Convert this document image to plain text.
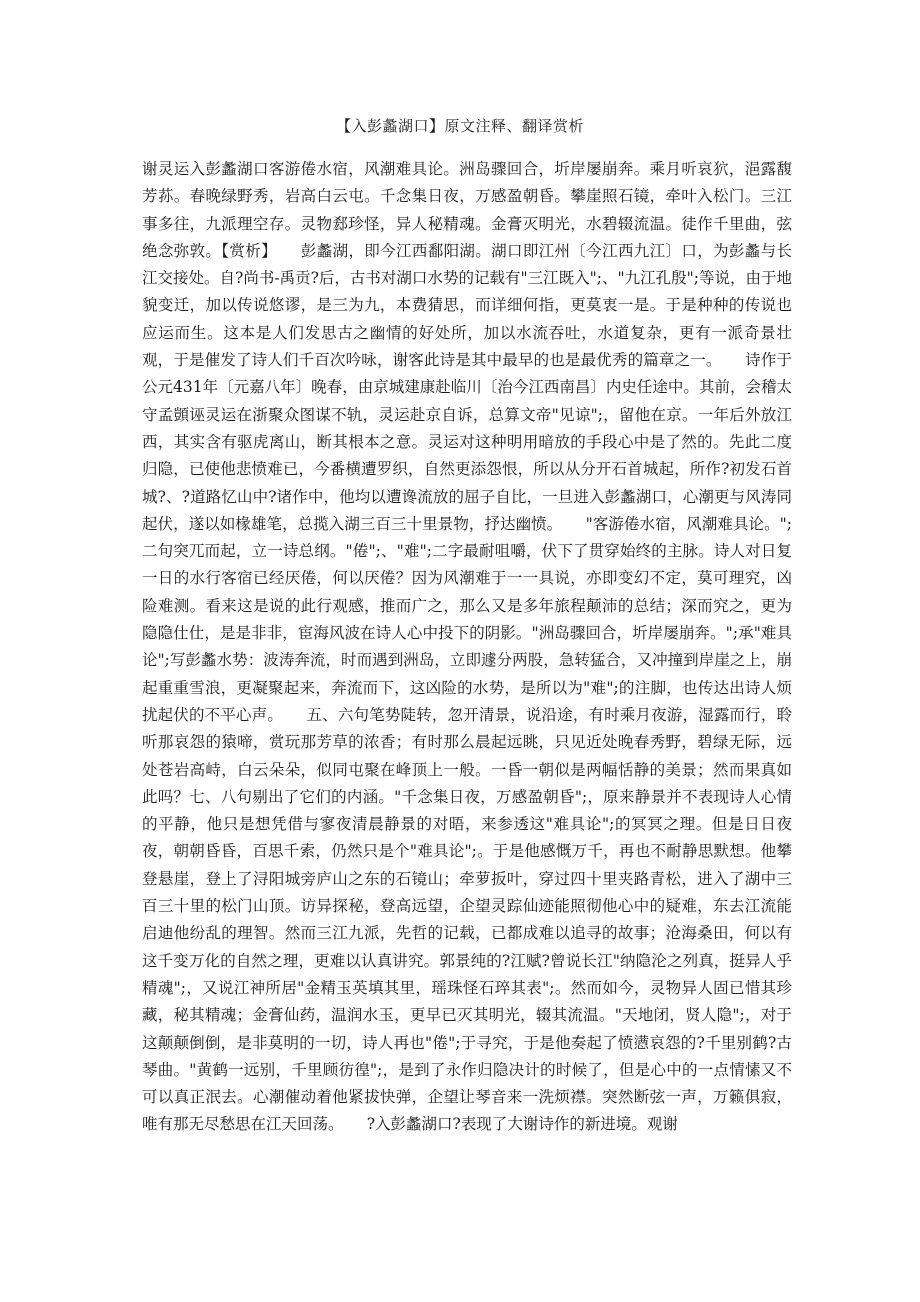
【入彭蠡湖口】原文注释、翻译赏析

谢灵运入彭蠡湖口客游倦水宿，风潮难具论。洲岛骤回合，圻岸屡崩奔。乘月听哀狖，浥露馥芳荪。春晚绿野秀，岩高白云屯。千念集日夜，万感盈朝昏。攀崖照石镜，牵叶入松门。三江事多往，九派理空存。灵物郄珍怪，异人秘精魂。金膏灭明光，水碧辍流温。徒作千里曲，弦绝念弥敦。【赏析】　　彭蠡湖，即今江西鄱阳湖。湖口即江州〔今江西九江〕口，为彭蠡与长江交接处。自?尚书-禹贡?后，古书对湖口水势的记载有"三江既入";、"九江孔殷";等说，由于地貌变迁，加以传说悠谬，是三为九，本费猜思，而详细何指，更莫衷一是。于是种种的传说也应运而生。这本是人们发思古之幽情的好处所，加以水流吞吐，水道复杂，更有一派奇景壮观，于是催发了诗人们千百次吟咏，谢客此诗是其中最早的也是最优秀的篇章之一。　　诗作于公元431年〔元嘉八年〕晚春，由京城建康赴临川〔治今江西南昌〕内史任途中。其前，会稽太守孟顗诬灵运在浙聚众图谋不轨，灵运赴京自诉，总算文帝"见谅";，留他在京。一年后外放江西，其实含有驱虎离山，断其根本之意。灵运对这种明用暗放的手段心中是了然的。先此二度归隐，已使他悲愤难已，今番横遭罗织，自然更添怨恨，所以从分开石首城起，所作?初发石首城?、?道路忆山中?诸作中，他均以遭谗流放的屈子自比，一旦进入彭蠡湖口，心潮更与风涛同起伏，遂以如椽雄笔，总揽入湖三百三十里景物，抒达幽愤。　　"客游倦水宿，风潮难具论。";二句突兀而起，立一诗总纲。"倦";、"难";二字最耐咀嚼，伏下了贯穿始终的主脉。诗人对日复一日的水行客宿已经厌倦，何以厌倦？因为风潮难于一一具说，亦即变幻不定，莫可理究，凶险难测。看来这是说的此行观感，推而广之，那么又是多年旅程颠沛的总结；深而究之，更为隐隐仕仕，是是非非，宦海风波在诗人心中投下的阴影。"洲岛骤回合，圻岸屡崩奔。";承"难具论";写彭蠡水势：波涛奔流，时而遇到洲岛，立即遽分两股，急转猛合，又冲撞到岸崖之上，崩起重重雪浪，更凝聚起来，奔流而下，这凶险的水势，是所以为"难";的注脚，也传达出诗人烦扰起伏的不平心声。　　五、六句笔势陡转，忽开清景，说沿途，有时乘月夜游，湿露而行，聆听那哀怨的猿啼，赏玩那芳草的浓香；有时那么晨起远眺，只见近处晚春秀野，碧绿无际，远处苍岩高峙，白云朵朵，似同屯聚在峰顶上一般。一昏一朝似是两幅恬静的美景；然而果真如此吗？七、八句剔出了它们的内涵。"千念集日夜，万感盈朝昏";，原来静景并不表现诗人心情的平静，他只是想凭借与寥夜清晨静景的对晤，来参透这"难具论";的冥冥之理。但是日日夜夜，朝朝昏昏，百思千索，仍然只是个"难具论";。于是他感慨万千，再也不耐静思默想。他攀登悬崖，登上了浔阳城旁庐山之东的石镜山；牵萝扳叶，穿过四十里夹路青松，进入了湖中三百三十里的松门山顶。访异探秘，登高远望，企望灵踪仙迹能照彻他心中的疑难，东去江流能启迪他纷乱的理智。然而三江九派，先哲的记载，已都成难以追寻的故事；沧海桑田，何以有这千变万化的自然之理，更难以认真讲究。郭景纯的?江赋?曾说长江"纳隐沦之列真，挺异人乎精魂";，又说江神所居"金精玉英填其里，瑶珠怪石琗其表";。然而如今，灵物异人固已惜其珍藏，秘其精魂；金膏仙药，温润水玉，更早已灭其明光，辍其流温。"天地闭，贤人隐";，对于这颠颠倒倒，是非莫明的一切，诗人再也"倦";于寻究，于是他奏起了愤懑哀怨的?千里别鹤?古琴曲。"黄鹤一远别，千里顾彷徨";，是到了永作归隐决计的时候了，但是心中的一点情愫又不可以真正泯去。心潮催动着他紧拔快弹，企望让琴音来一洗烦襟。突然断弦一声，万籁俱寂，唯有那无尽愁思在江天回荡。　　?入彭蠡湖口?表现了大谢诗作的新进境。观谢
